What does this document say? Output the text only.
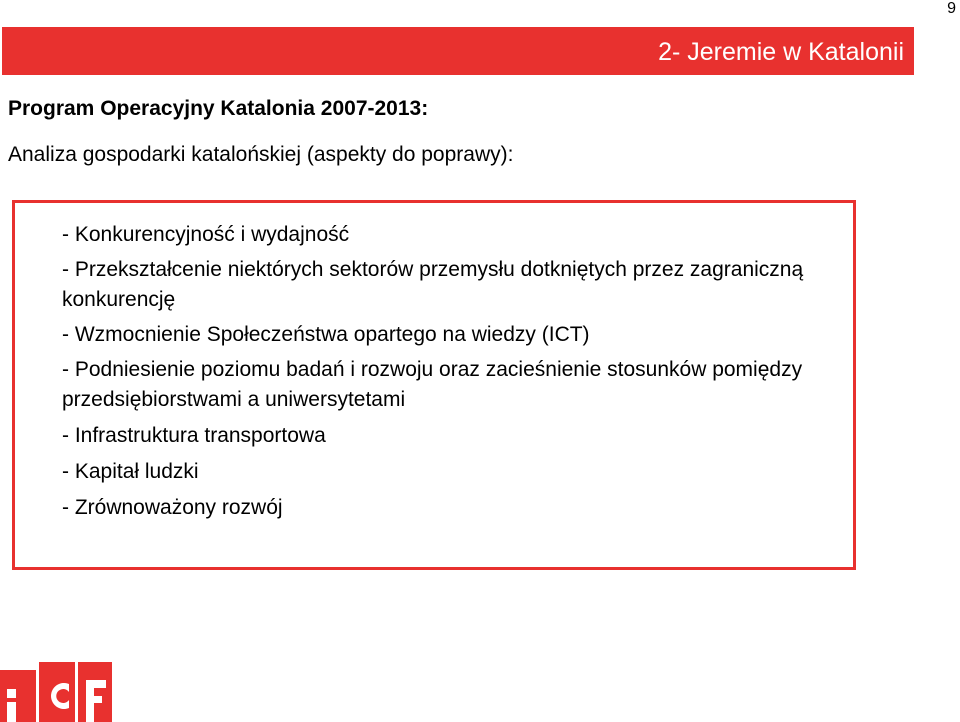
9
2- Jeremie w Katalonii
Program Operacyjny Katalonia 2007-2013:
Analiza gospodarki katalońskiej (aspekty do poprawy):
- Konkurencyjność i wydajność
- Przekształcenie niektórych sektorów przemysłu dotkniętych przez zagraniczną konkurencję
- Wzmocnienie Społeczeństwa opartego na wiedzy (ICT)
- Podniesienie poziomu badań i rozwoju oraz zacieśnienie stosunków pomiędzy przedsiębiorstwami a uniwersytetami
- Infrastruktura transportowa
- Kapitał ludzki
- Zrównoważony rozwój
